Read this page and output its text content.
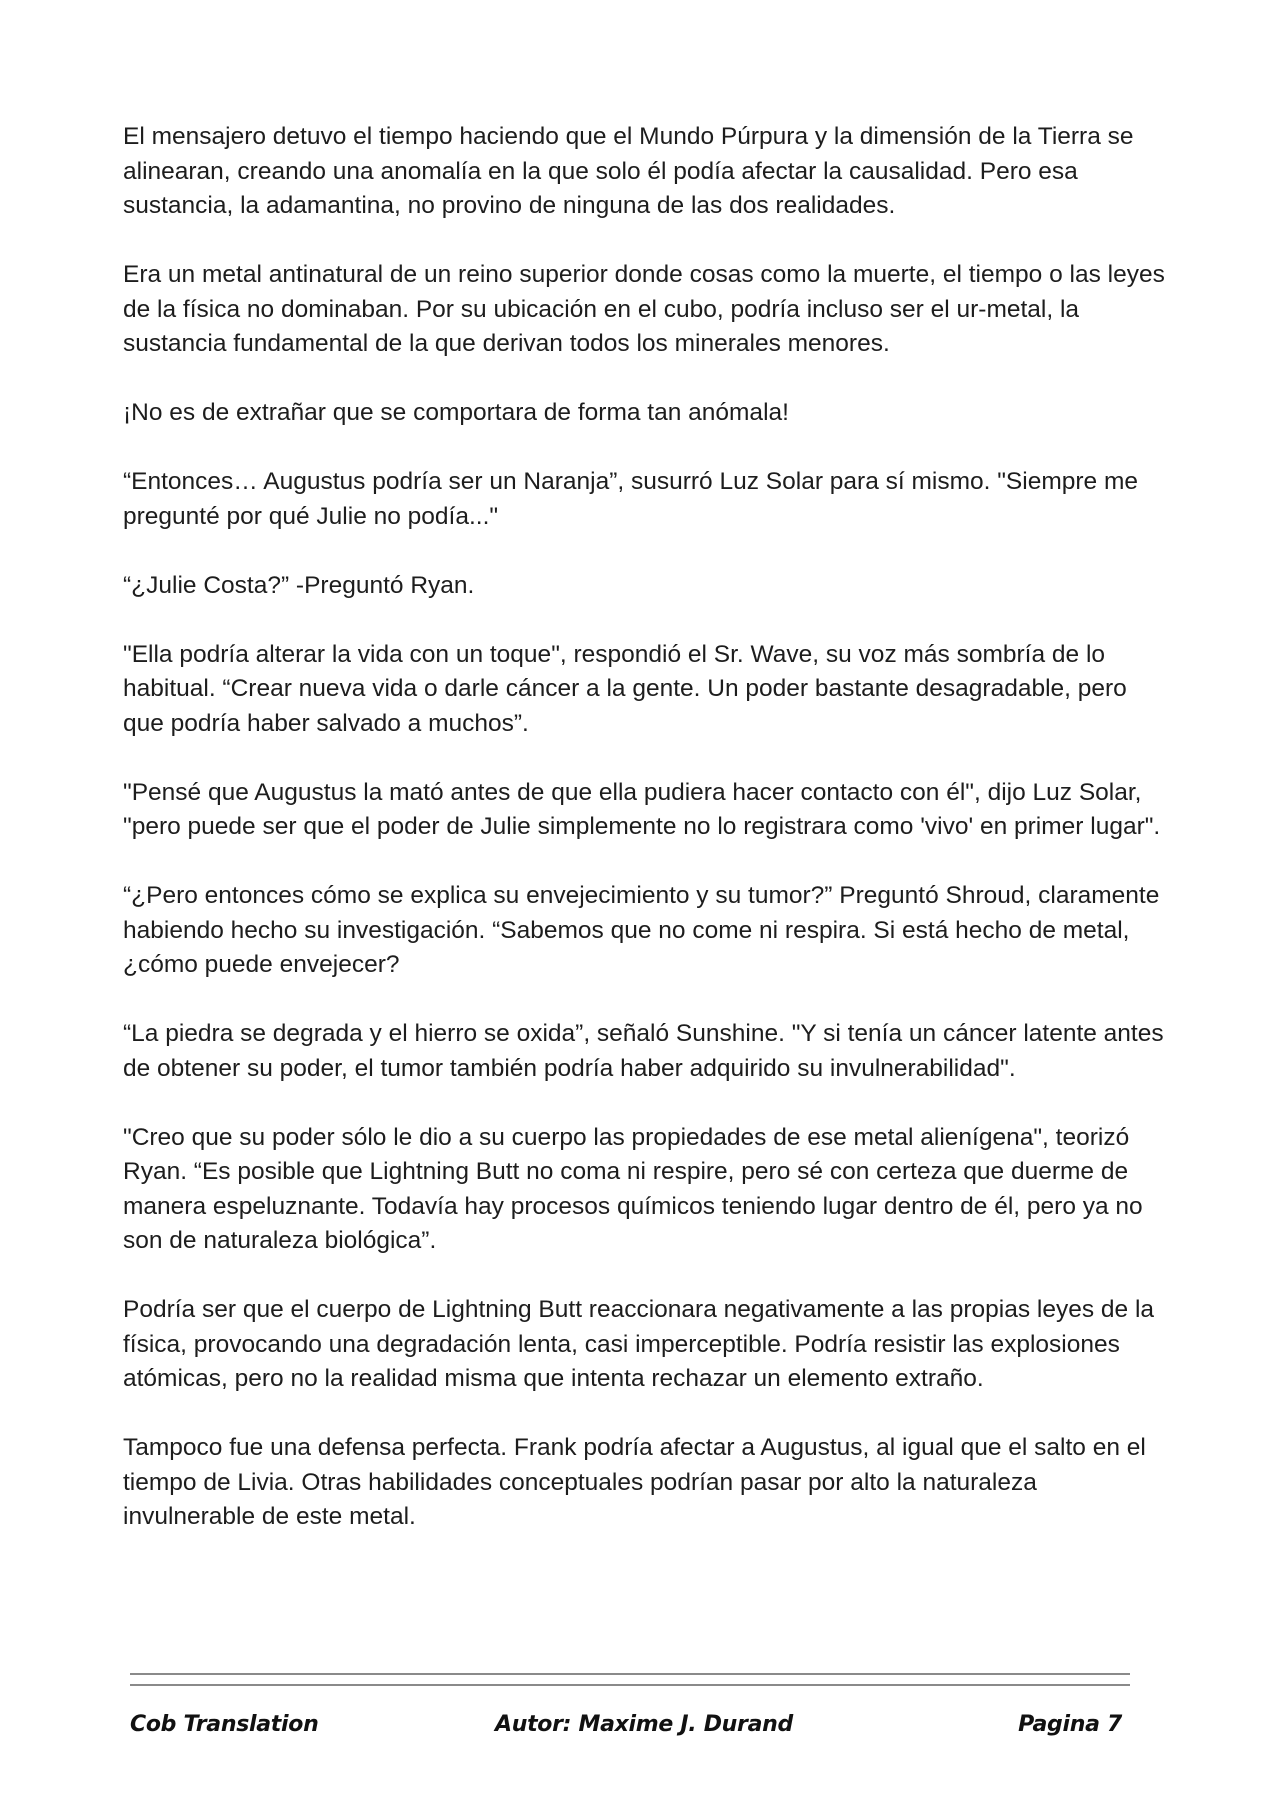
El mensajero detuvo el tiempo haciendo que el Mundo Púrpura y la dimensión de la Tierra se alinearan, creando una anomalía en la que solo él podía afectar la causalidad. Pero esa sustancia, la adamantina, no provino de ninguna de las dos realidades.

Era un metal antinatural de un reino superior donde cosas como la muerte, el tiempo o las leyes de la física no dominaban. Por su ubicación en el cubo, podría incluso ser el ur-metal, la sustancia fundamental de la que derivan todos los minerales menores.

¡No es de extrañar que se comportara de forma tan anómala!

“Entonces… Augustus podría ser un Naranja”, susurró Luz Solar para sí mismo. "Siempre me pregunté por qué Julie no podía..."

“¿Julie Costa?” -Preguntó Ryan.

"Ella podría alterar la vida con un toque", respondió el Sr. Wave, su voz más sombría de lo habitual. “Crear nueva vida o darle cáncer a la gente. Un poder bastante desagradable, pero que podría haber salvado a muchos”.

"Pensé que Augustus la mató antes de que ella pudiera hacer contacto con él", dijo Luz Solar, "pero puede ser que el poder de Julie simplemente no lo registrara como 'vivo' en primer lugar".

“¿Pero entonces cómo se explica su envejecimiento y su tumor?” Preguntó Shroud, claramente habiendo hecho su investigación. “Sabemos que no come ni respira. Si está hecho de metal, ¿cómo puede envejecer?

“La piedra se degrada y el hierro se oxida”, señaló Sunshine. "Y si tenía un cáncer latente antes de obtener su poder, el tumor también podría haber adquirido su invulnerabilidad".

"Creo que su poder sólo le dio a su cuerpo las propiedades de ese metal alienígena", teorizó Ryan. “Es posible que Lightning Butt no coma ni respire, pero sé con certeza que duerme de manera espeluznante. Todavía hay procesos químicos teniendo lugar dentro de él, pero ya no son de naturaleza biológica”.

Podría ser que el cuerpo de Lightning Butt reaccionara negativamente a las propias leyes de la física, provocando una degradación lenta, casi imperceptible. Podría resistir las explosiones atómicas, pero no la realidad misma que intenta rechazar un elemento extraño.

Tampoco fue una defensa perfecta. Frank podría afectar a Augustus, al igual que el salto en el tiempo de Livia. Otras habilidades conceptuales podrían pasar por alto la naturaleza invulnerable de este metal.

Cob Translation	Autor: Maxime J. Durand	Pagina 7
